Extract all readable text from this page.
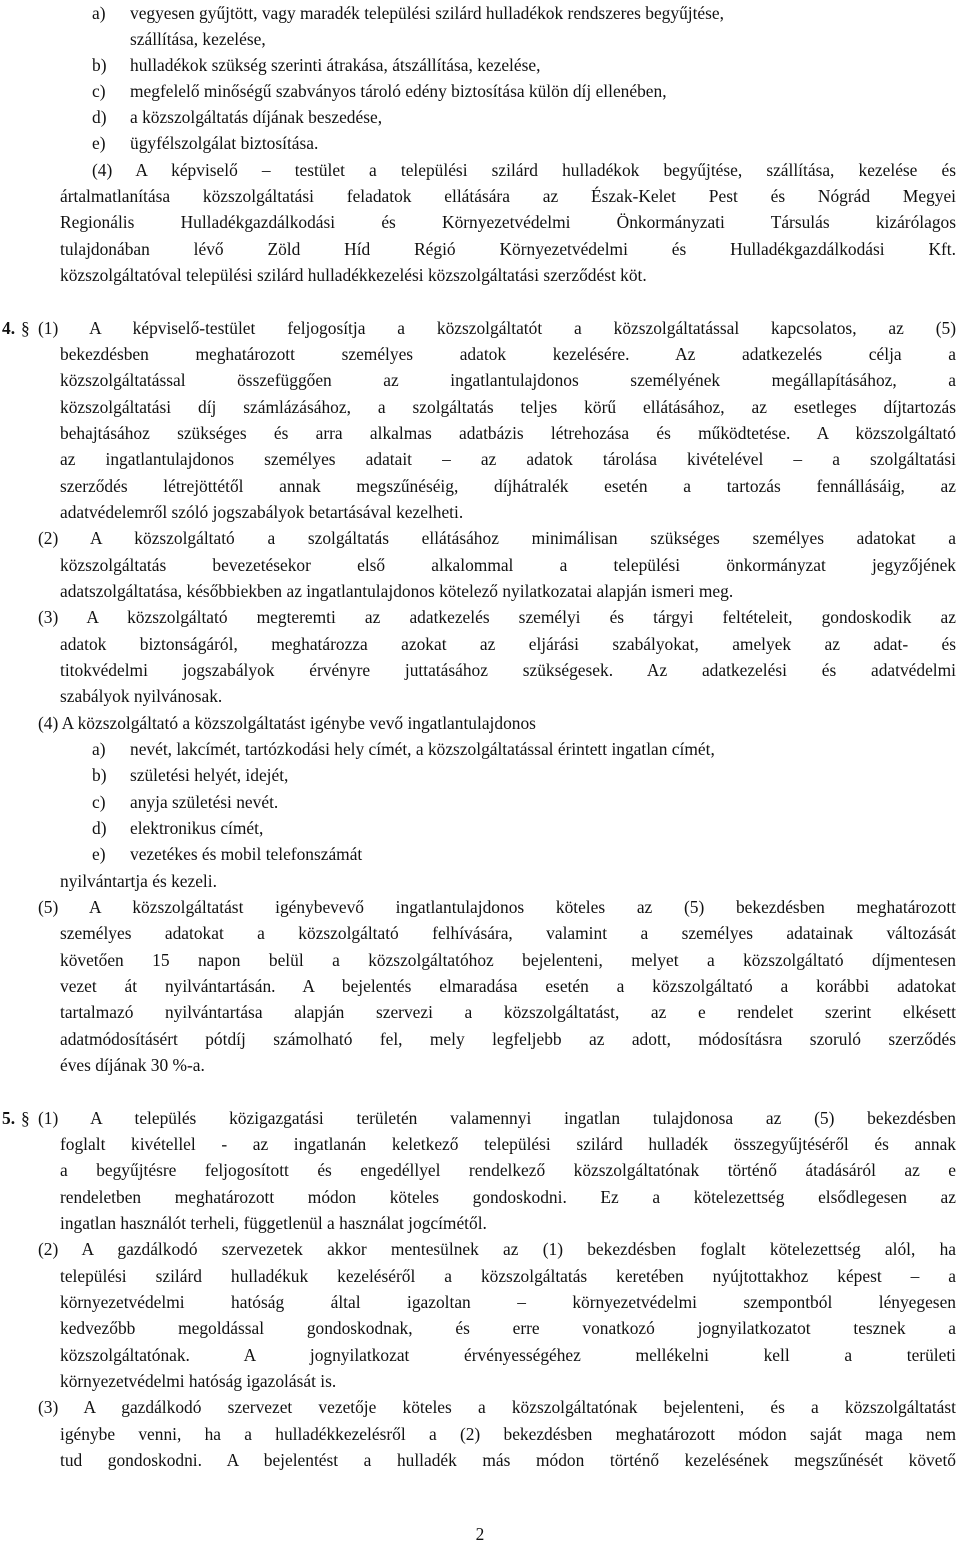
a) vegyesen gyűjtött, vagy maradék települési szilárd hulladékok rendszeres begyűjtése,
szállítása, kezelése,
b) hulladékok szükség szerinti átrakása, átszállítása, kezelése,
c) megfelelő minőségű szabványos tároló edény biztosítása külön díj ellenében,
d) a közszolgáltatás díjának beszedése,
e) ügyfélszolgálat biztosítása.
(4) A képviselő – testület a települési szilárd hulladékok begyűjtése, szállítása, kezelése és
ártalmatlanítása közszolgáltatási feladatok ellátására az Észak-Kelet Pest és Nógrád Megyei
Regionális Hulladékgazdálkodási és Környezetvédelmi Önkormányzati Társulás kizárólagos
tulajdonában lévő Zöld Híd Régió Környezetvédelmi és Hulladékgazdálkodási Kft.
közszolgáltatóval települési szilárd hulladékkezelési közszolgáltatási szerződést köt.
4. § (1) A képviselő-testület feljogosítja a közszolgáltatót a közszolgáltatással kapcsolatos, az (5)
bekezdésben meghatározott személyes adatok kezelésére. Az adatkezelés célja a
közszolgáltatással összefüggően az ingatlantulajdonos személyének megállapításához, a
közszolgáltatási díj számlázásához, a szolgáltatás teljes körű ellátásához, az esetleges díjtartozás
behajtásához szükséges és arra alkalmas adatbázis létrehozása és működtetése. A közszolgáltató
az ingatlantulajdonos személyes adatait – az adatok tárolása kivételével – a szolgáltatási
szerződés létrejöttétől annak megszűnéséig, díjhátralék esetén a tartozás fennállásáig, az
adatvédelemről szóló jogszabályok betartásával kezelheti.
(2) A közszolgáltató a szolgáltatás ellátásához minimálisan szükséges személyes adatokat a
közszolgáltatás bevezetésekor első alkalommal a települési önkormányzat jegyzőjének
adatszolgáltatása, későbbiekben az ingatlantulajdonos kötelező nyilatkozatai alapján ismeri meg.
(3) A közszolgáltató megteremti az adatkezelés személyi és tárgyi feltételeit, gondoskodik az
adatok biztonságáról, meghatározza azokat az eljárási szabályokat, amelyek az adat- és
titokvédelmi jogszabályok érvényre juttatásához szükségesek. Az adatkezelési és adatvédelmi
szabályok nyilvánosak.
(4) A közszolgáltató a közszolgáltatást igénybe vevő ingatlantulajdonos
a) nevét, lakcímét, tartózkodási hely címét, a közszolgáltatással érintett ingatlan címét,
b) születési helyét, idejét,
c) anyja születési nevét.
d) elektronikus címét,
e) vezetékes és mobil telefonszámát
nyilvántartja és kezeli.
(5) A közszolgáltatást igénybevevő ingatlantulajdonos köteles az (5) bekezdésben meghatározott
személyes adatokat a közszolgáltató felhívására, valamint a személyes adatainak változását
követően 15 napon belül a közszolgáltatóhoz bejelenteni, melyet a közszolgáltató díjmentesen
vezet át nyilvántartásán. A bejelentés elmaradása esetén a közszolgáltató a korábbi adatokat
tartalmazó nyilvántartása alapján szervezi a közszolgáltatást, az e rendelet szerint elkésett
adatmódosításért pótdíj számolható fel, mely legfeljebb az adott, módosításra szoruló szerződés
éves díjának 30 %-a.
5. § (1) A település közigazgatási területén valamennyi ingatlan tulajdonosa az (5) bekezdésben
foglalt kivétellel - az ingatlanán keletkező települési szilárd hulladék összegyűjtéséről és annak
a begyűjtésre feljogosított és engedéllyel rendelkező közszolgáltatónak történő átadásáról az e
rendeletben meghatározott módon köteles gondoskodni. Ez a kötelezettség elsődlegesen az
ingatlan használót terheli, függetlenül a használat jogcímétől.
(2) A gazdálkodó szervezetek akkor mentesülnek az (1) bekezdésben foglalt kötelezettség alól, ha
települési szilárd hulladékuk kezeléséről a közszolgáltatás keretében nyújtottakhoz képest – a
környezetvédelmi hatóság által igazoltan – környezetvédelmi szempontból lényegesen
kedvezőbb megoldással gondoskodnak, és erre vonatkozó jognyilatkozatot tesznek a
közszolgáltatónak. A jognyilatkozat érvényességéhez mellékelni kell a területi
környezetvédelmi hatóság igazolását is.
(3) A gazdálkodó szervezet vezetője köteles a közszolgáltatónak bejelenteni, és a közszolgáltatást
igénybe venni, ha a hulladékkezelésről a (2) bekezdésben meghatározott módon saját maga nem
tud gondoskodni. A bejelentést a hulladék más módon történő kezelésének megszűnését követő
2
